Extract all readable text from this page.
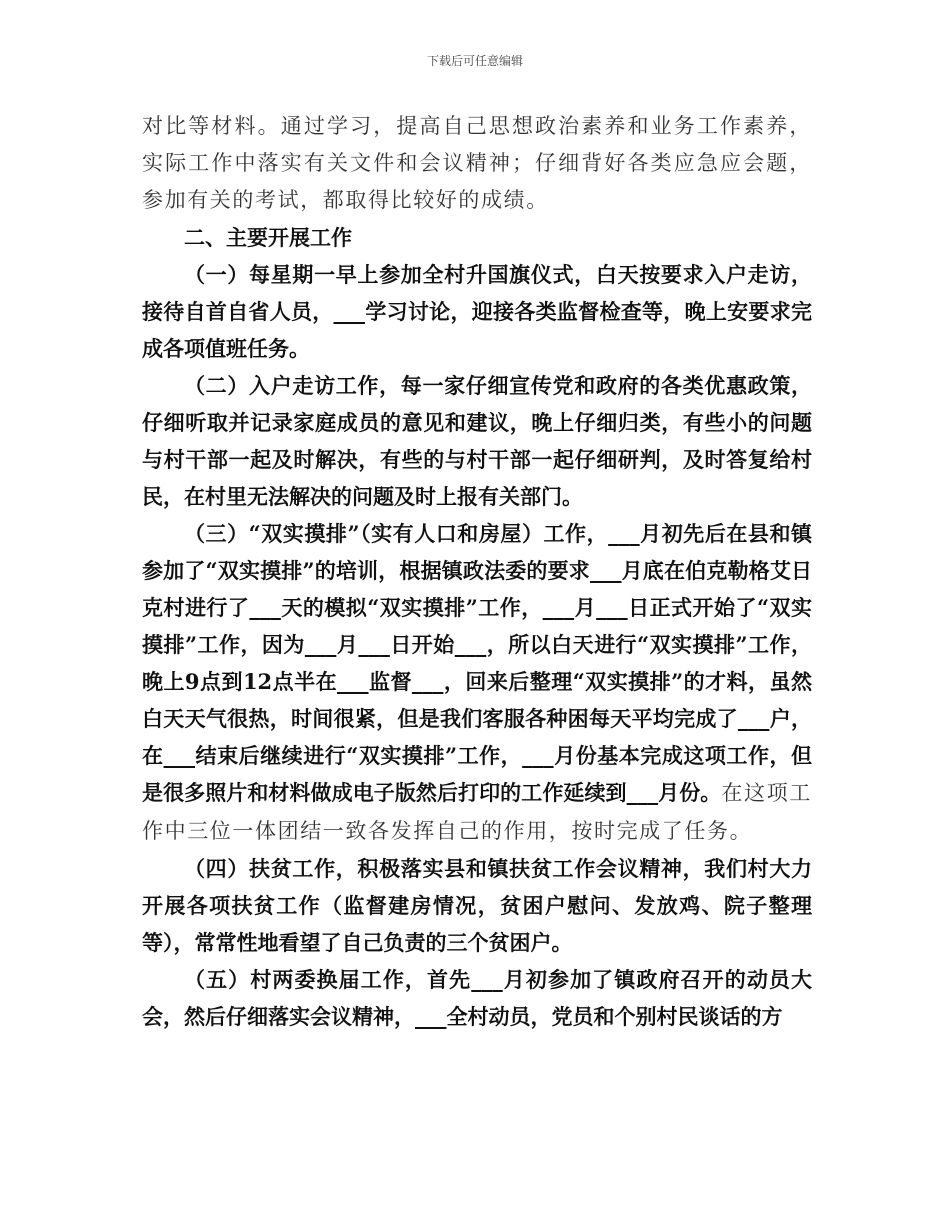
下载后可任意编辑

对比等材料。通过学习，提高自己思想政治素养和业务工作素养，实际工作中落实有关文件和会议精神；仔细背好各类应急应会题，参加有关的考试，都取得比较好的成绩。

二、主要开展工作

（一）每星期一早上参加全村升国旗仪式，白天按要求入户走访，接待自首自省人员，___学习讨论，迎接各类监督检查等，晚上安要求完成各项值班任务。

（二）入户走访工作，每一家仔细宣传党和政府的各类优惠政策，仔细听取并记录家庭成员的意见和建议，晚上仔细归类，有些小的问题与村干部一起及时解决，有些的与村干部一起仔细研判，及时答复给村民，在村里无法解决的问题及时上报有关部门。

（三）“双实摸排”（实有人口和房屋）工作，___月初先后在县和镇参加了“双实摸排”的培训，根据镇政法委的要求___月底在伯克勒格艾日克村进行了___天的模拟“双实摸排”工作，___月___日正式开始了“双实摸排”工作，因为___月___日开始___，所以白天进行“双实摸排”工作，晚上9点到12点半在___监督___，回来后整理“双实摸排”的才料，虽然白天天气很热，时间很紧，但是我们客服各种困每天平均完成了___户，在___结束后继续进行“双实摸排”工作，___月份基本完成这项工作，但是很多照片和材料做成电子版然后打印的工作延续到___月份。在这项工作中三位一体团结一致各发挥自己的作用，按时完成了任务。

（四）扶贫工作，积极落实县和镇扶贫工作会议精神，我们村大力开展各项扶贫工作（监督建房情况，贫困户慰问、发放鸡、院子整理等），常常性地看望了自己负责的三个贫困户。

（五）村两委换届工作，首先___月初参加了镇政府召开的动员大会，然后仔细落实会议精神，___全村动员，党员和个别村民谈话的方
